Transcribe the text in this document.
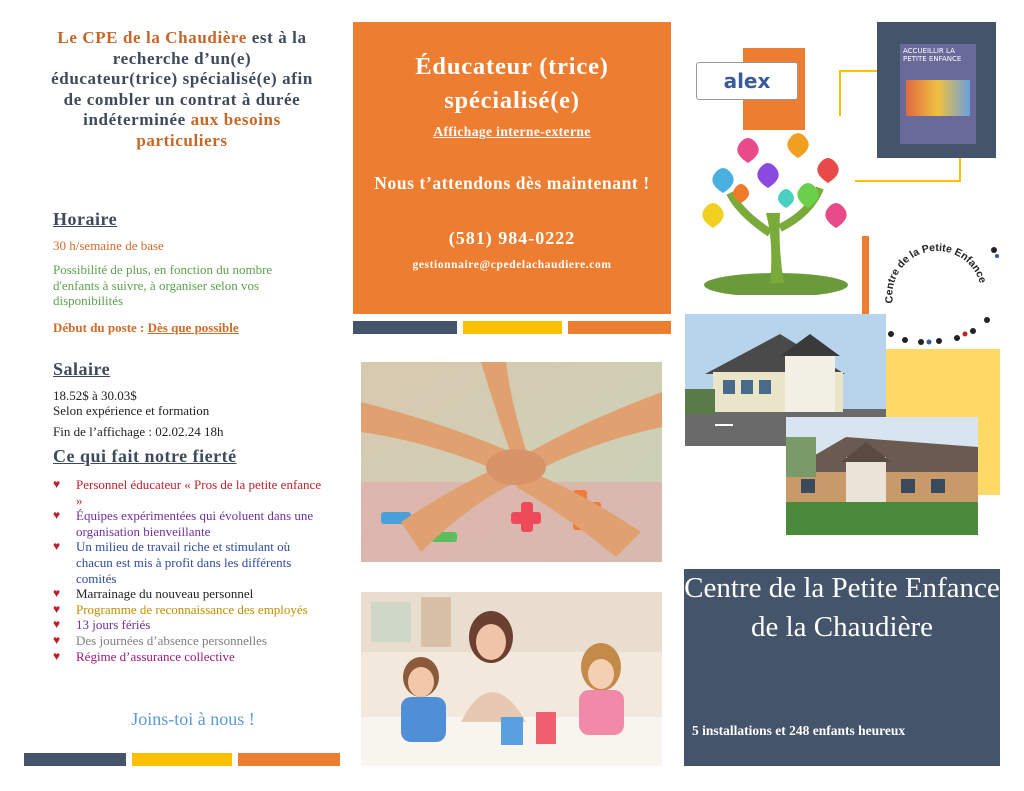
Le CPE de la Chaudière est à la recherche d’un(e) éducateur(trice) spécialisé(e) afin de combler un contrat à durée indéterminée aux besoins particuliers
Horaire
30 h/semaine de base
Possibilité de plus, en fonction du nombre d'enfants à suivre, à organiser selon vos disponibilités
Début du poste : Dès que possible
Salaire
18.52$ à 30.03$
Selon expérience et formation
Fin de l’affichage : 02.02.24 18h
Ce qui fait notre fierté
♥ Personnel éducateur « Pros de la petite enfance »
♥ Équipes expérimentées qui évoluent dans une organisation bienveillante
♥ Un milieu de travail riche et stimulant où chacun est mis à profit dans les différents comités
♥ Marrainage du nouveau personnel
♥ Programme de reconnaissance des employés
♥ 13 jours fériés
♥ Des journées d’absence personnelles
♥ Régime d’assurance collective
Joins-toi à nous !
Éducateur (trice) spécialisé(e)
Affichage interne-externe
Nous t’attendons dès maintenant !
(581) 984-0222
gestionnaire@cpedelachaudiere.com
alex
ACCUEILLIR LA PETITE ENFANCE
Centre de la Petite Enfance
Centre de la Petite Enfance de la Chaudière
5 installations et 248 enfants heureux
